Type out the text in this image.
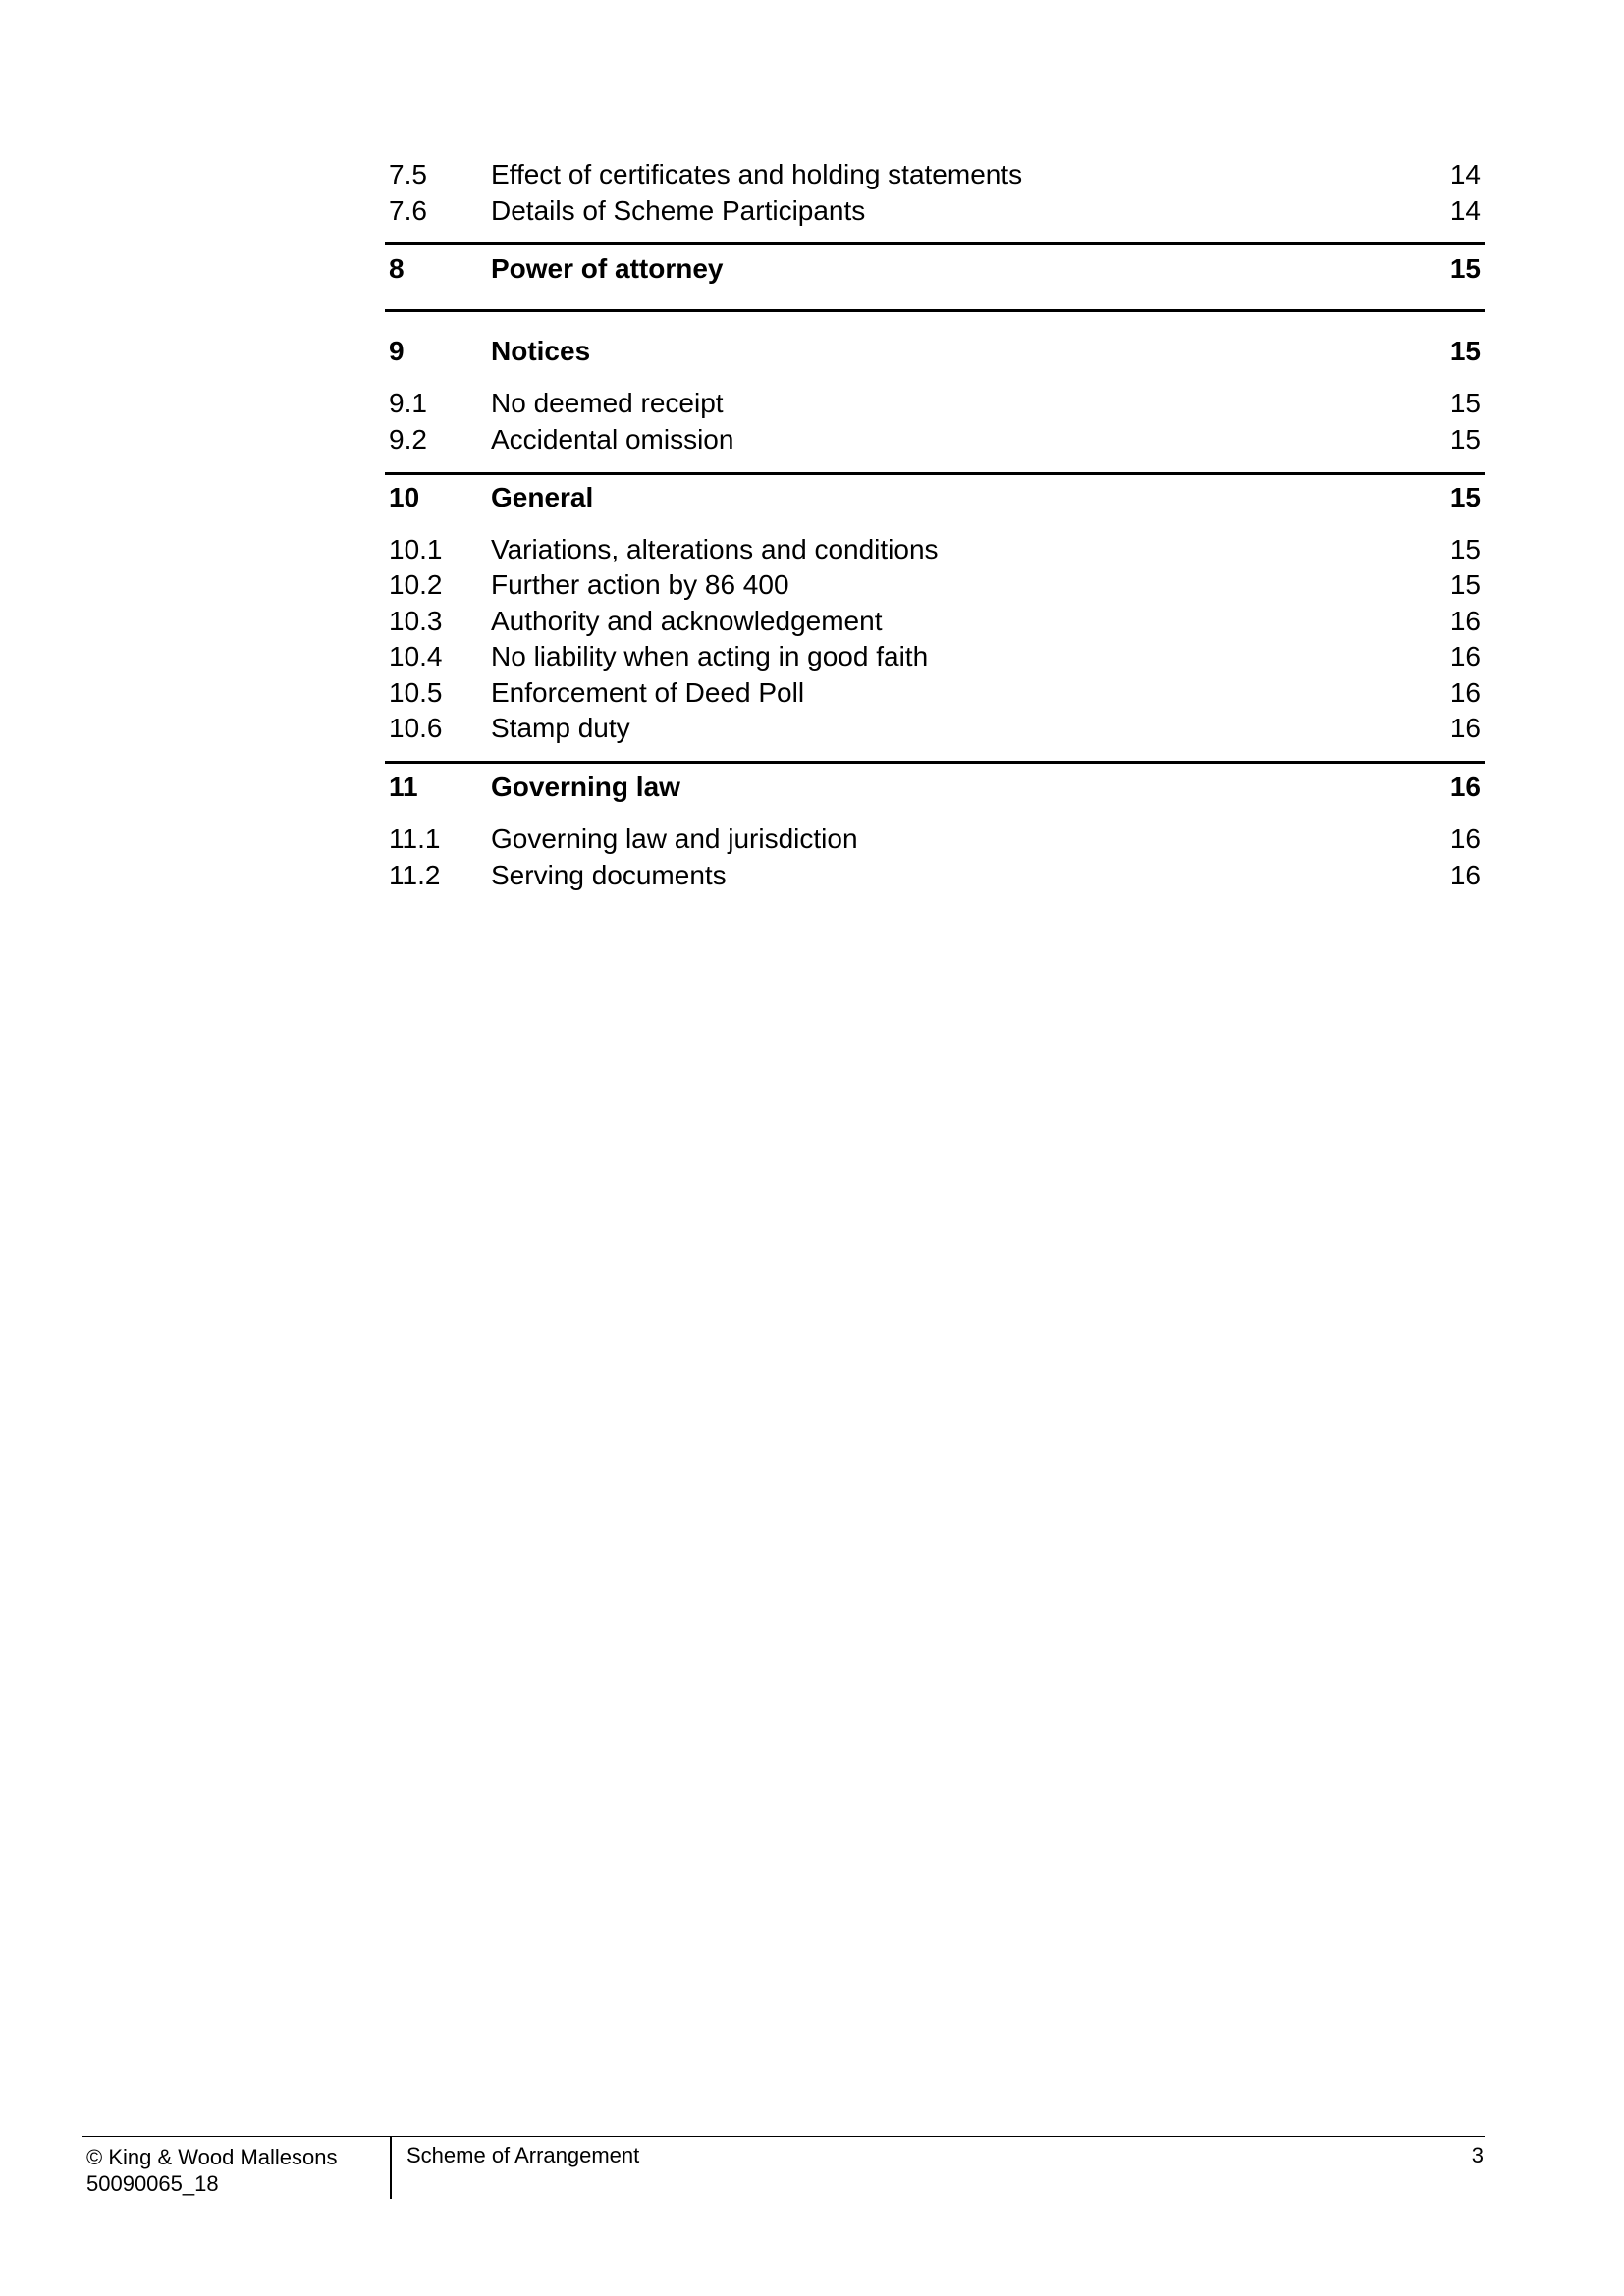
7.5 Effect of certificates and holding statements	14
7.6 Details of Scheme Participants	14
8	Power of attorney	15
9	Notices	15
9.1 No deemed receipt	15
9.2 Accidental omission	15
10	General	15
10.1 Variations, alterations and conditions	15
10.2 Further action by 86 400	15
10.3 Authority and acknowledgement	16
10.4 No liability when acting in good faith	16
10.5 Enforcement of Deed Poll	16
10.6 Stamp duty	16
11	Governing law	16
11.1 Governing law and jurisdiction	16
11.2 Serving documents	16
© King & Wood Mallesons
50090065_18
Scheme of Arrangement	3
